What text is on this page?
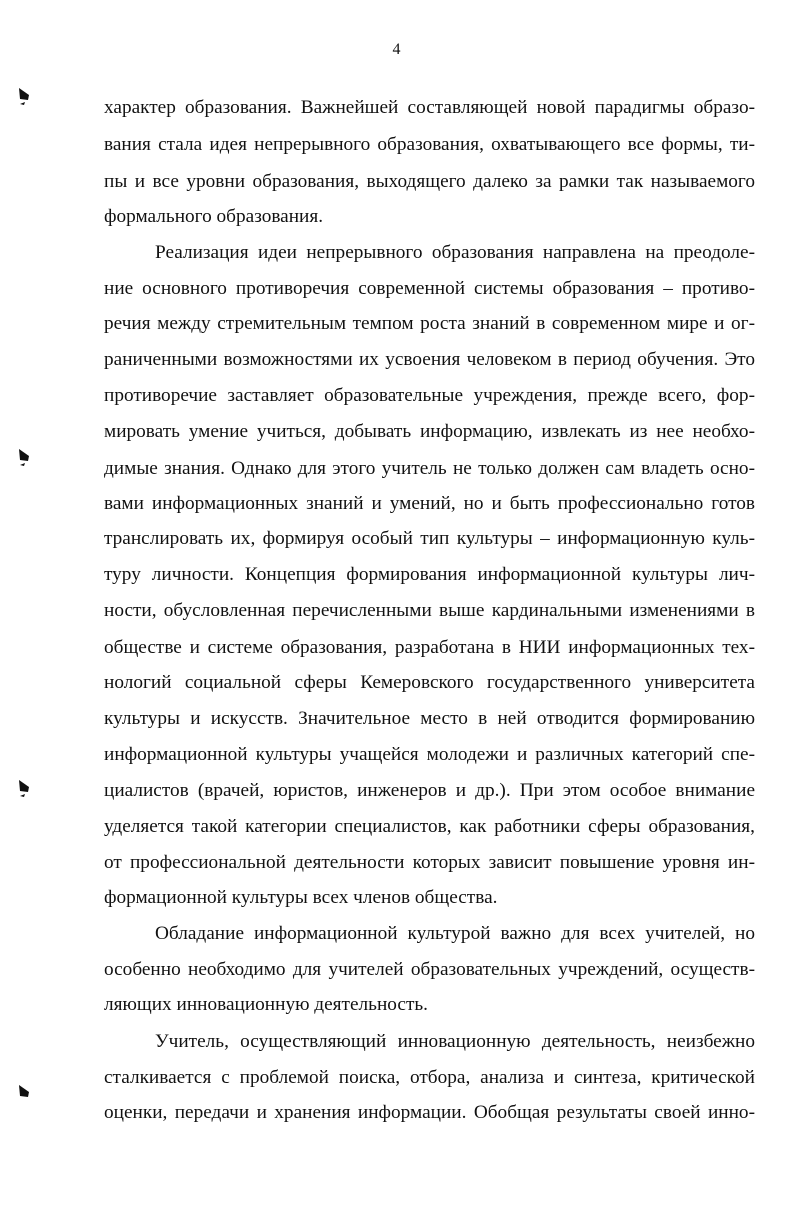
4
характер образования. Важнейшей составляющей новой парадигмы образо-
вания стала идея непрерывного образования, охватывающего все формы, ти-
пы и все уровни образования, выходящего далеко за рамки так называемого
формального образования.
Реализация идеи непрерывного образования направлена на преодоле-
ние основного противоречия современной системы образования – противо-
речия между стремительным темпом роста знаний в современном мире и ог-
раниченными возможностями их усвоения человеком в период обучения. Это
противоречие заставляет образовательные учреждения, прежде всего, фор-
мировать умение учиться, добывать информацию, извлекать из нее необхо-
димые знания. Однако для этого учитель не только должен сам владеть осно-
вами информационных знаний и умений, но и быть профессионально готов
транслировать их, формируя особый тип культуры – информационную куль-
туру личности. Концепция формирования информационной культуры лич-
ности, обусловленная перечисленными выше кардинальными изменениями в
обществе и системе образования, разработана в НИИ информационных тех-
нологий социальной сферы Кемеровского государственного университета
культуры и искусств. Значительное место в ней отводится формированию
информационной культуры учащейся молодежи и различных категорий спе-
циалистов (врачей, юристов, инженеров и др.). При этом особое внимание
уделяется такой категории специалистов, как работники сферы образования,
от профессиональной деятельности которых зависит повышение уровня ин-
формационной культуры всех членов общества.
Обладание информационной культурой важно для всех учителей, но
особенно необходимо для учителей образовательных учреждений, осуществ-
ляющих инновационную деятельность.
Учитель, осуществляющий инновационную деятельность, неизбежно
сталкивается с проблемой поиска, отбора, анализа и синтеза, критической
оценки, передачи и хранения информации. Обобщая результаты своей инно-
